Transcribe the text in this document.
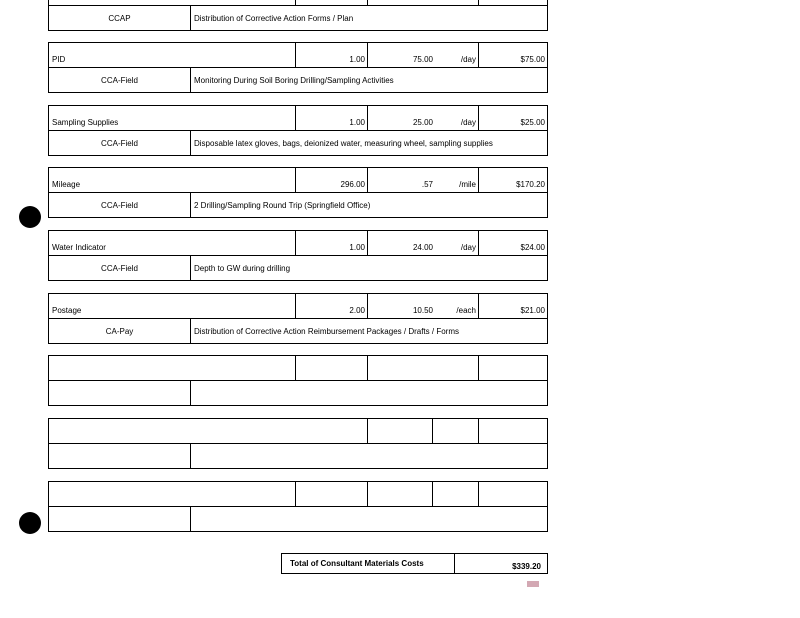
CCAP	Distribution of Corrective Action Forms / Plan
PID	1.00	75.00	/day	$75.00
CCA-Field	Monitoring During Soil Boring Drilling/Sampling Activities
Sampling Supplies	1.00	25.00	/day	$25.00
CCA-Field	Disposable latex gloves, bags, deionized water, measuring wheel, sampling supplies
Mileage	296.00	.57	/mile	$170.20
CCA-Field	2 Drilling/Sampling Round Trip (Springfield Office)
Water Indicator	1.00	24.00	/day	$24.00
CCA-Field	Depth to GW during drilling
Postage	2.00	10.50	/each	$21.00
CA-Pay	Distribution of Corrective Action Reimbursement Packages / Drafts / Forms
Total of Consultant Materials Costs	$339.20
